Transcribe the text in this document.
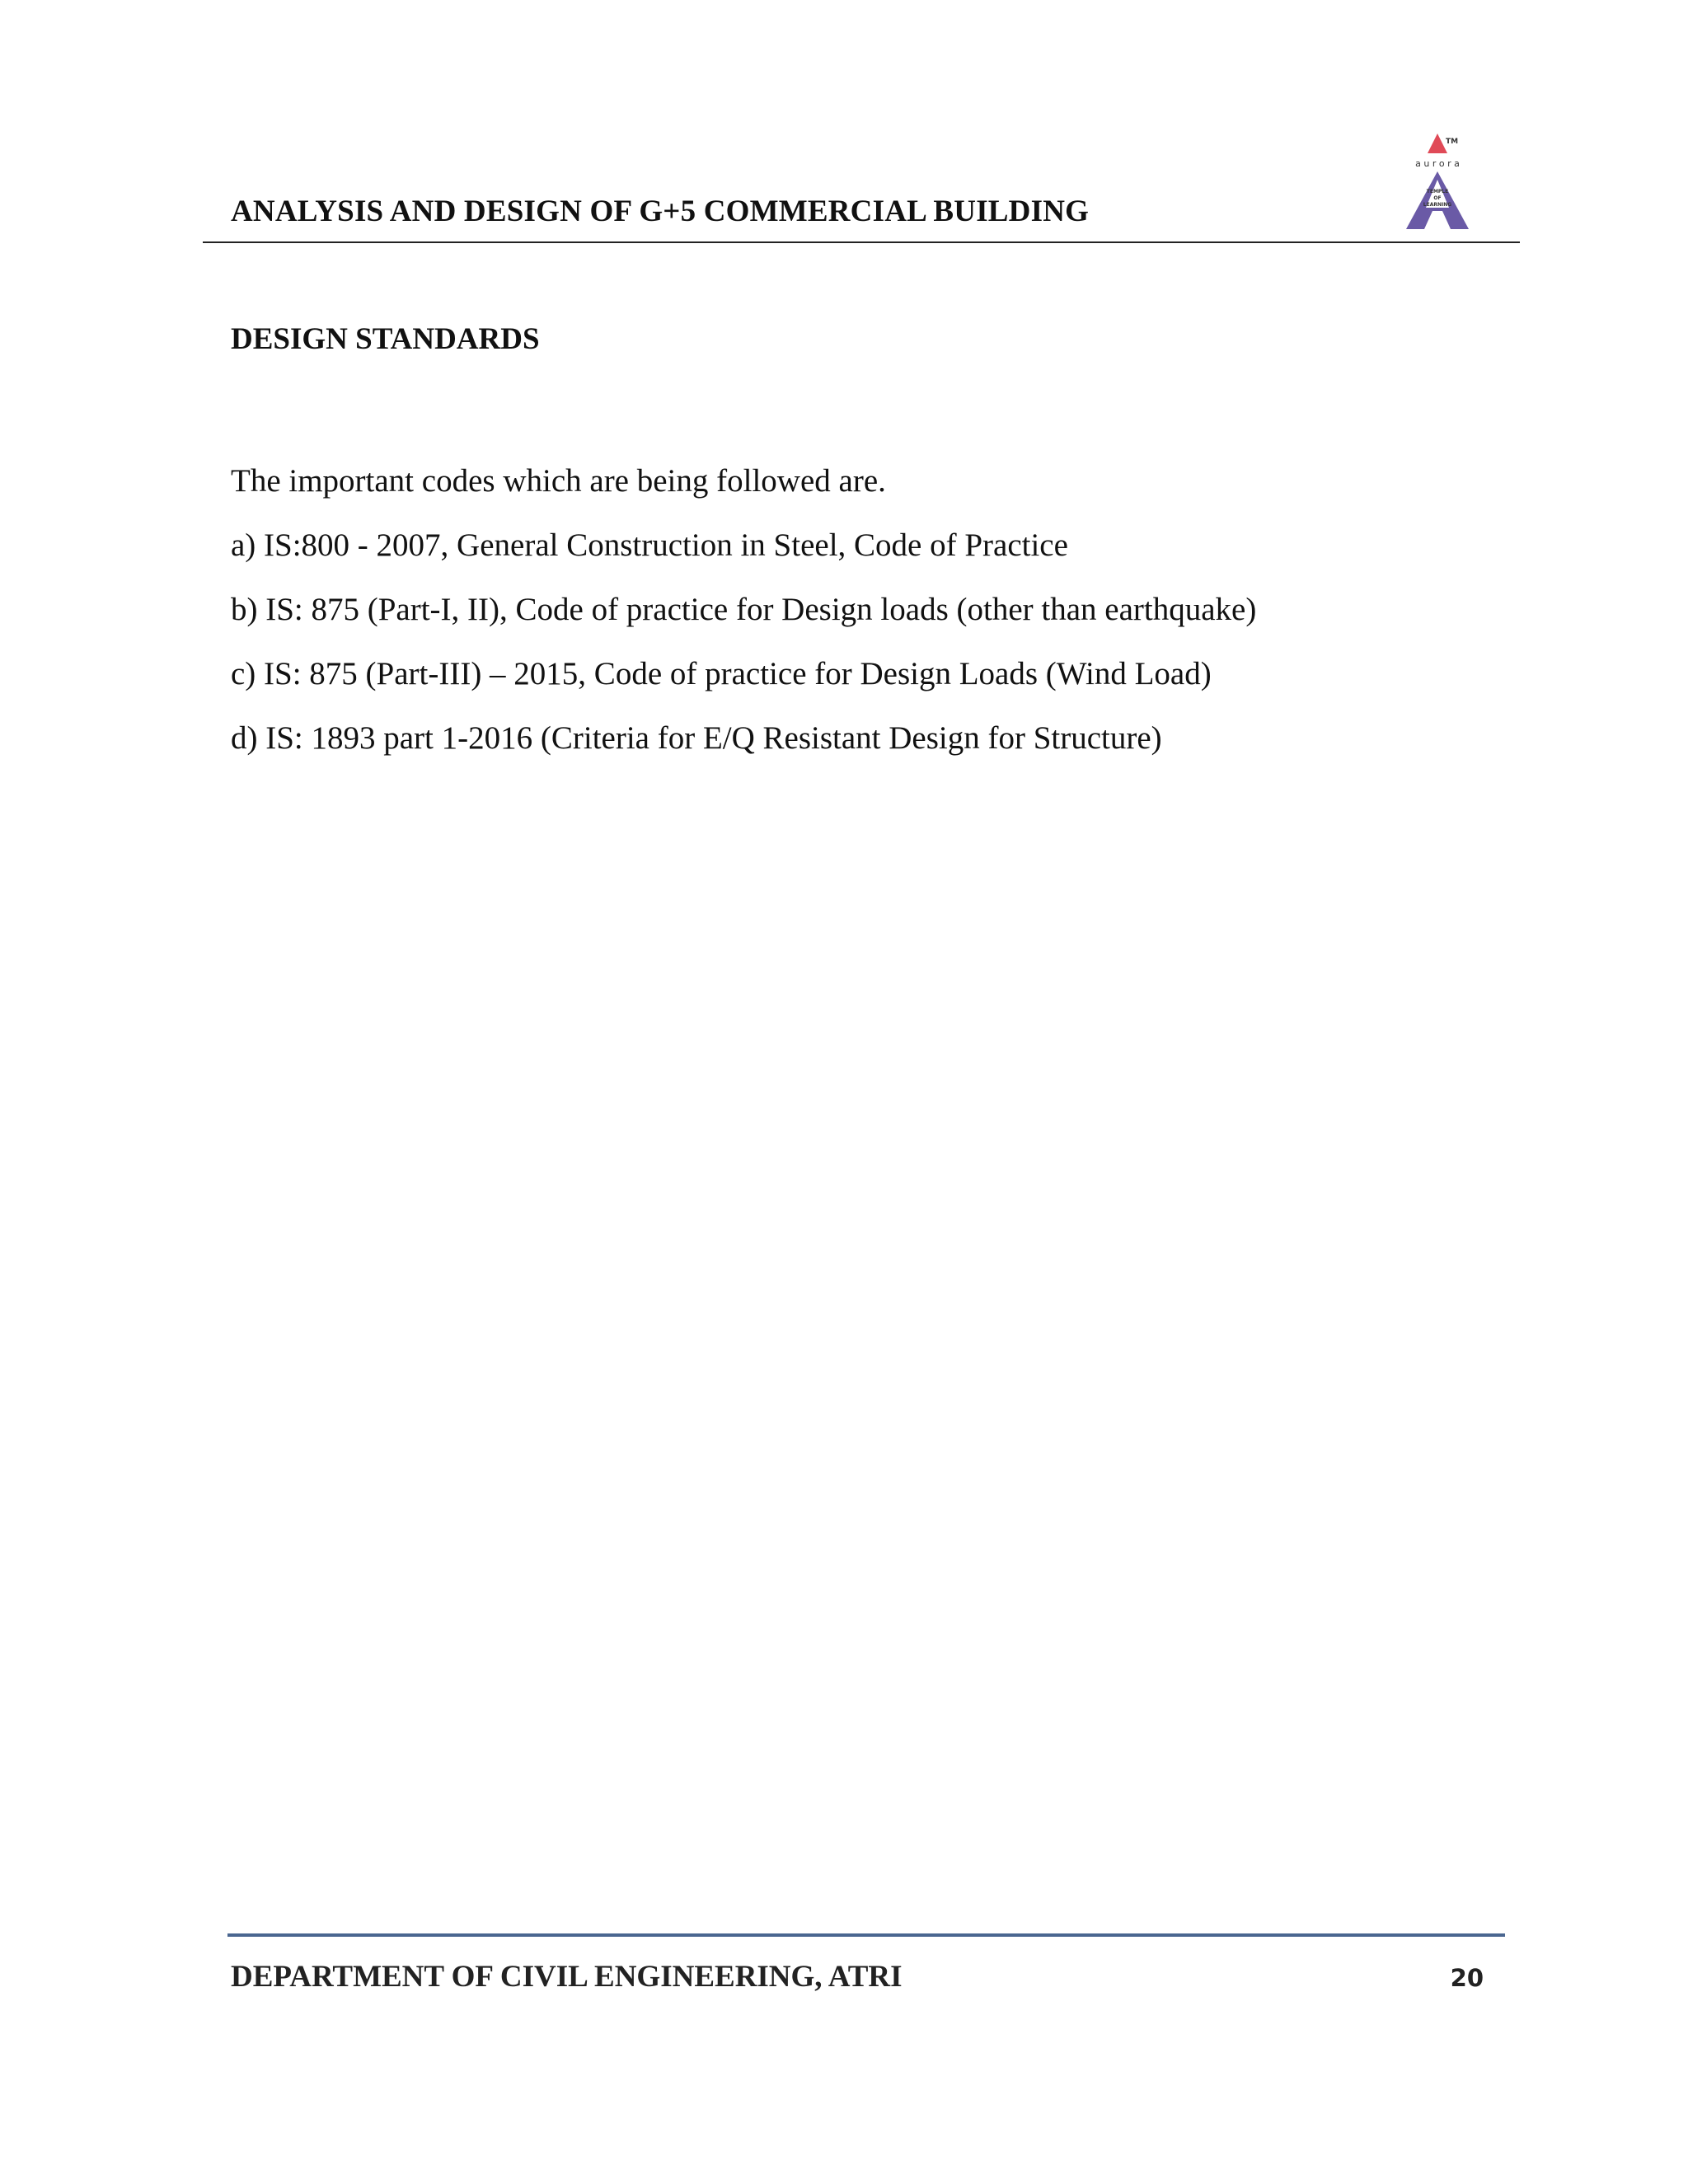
ANALYSIS AND DESIGN OF G+5 COMMERCIAL BUILDING
TM
a u r o r a
TEMPLE
OF
LEARNING
DESIGN STANDARDS

The important codes which are being followed are.

a) IS:800 - 2007, General Construction in Steel, Code of Practice

b) IS: 875 (Part-I, II), Code of practice for Design loads (other than earthquake)

c) IS: 875 (Part-III) – 2015, Code of practice for Design Loads (Wind Load)

d) IS: 1893 part 1-2016 (Criteria for E/Q Resistant Design for Structure)

DEPARTMENT OF CIVIL ENGINEERING, ATRI	20
